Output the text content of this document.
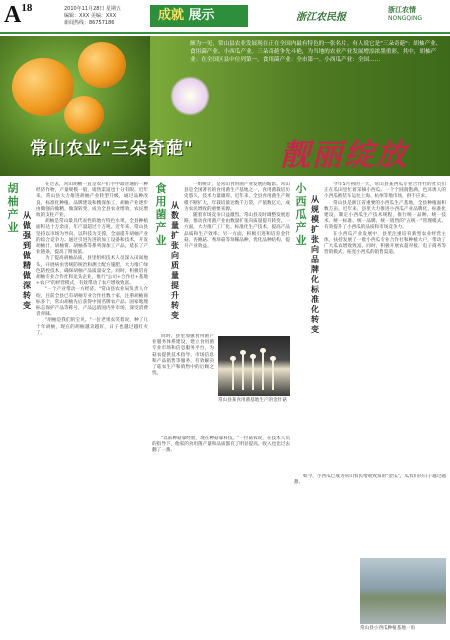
$A^{18}$	2010年11月28日 星期五
编辑：XXX 美编：XXX
新闻热线：86757186	成就 展示	浙江农民报
浙江农情
NONGQING
颇为一见，常山县农业发展现在正在全国内最有特色的一张名片。有人说它是"三朵奇葩"：胡柚产业、食用菌产业、小西瓜产业。三朵奇葩争先斗艳，为当地的农业产业发展增添浓墨重彩。其中，胡柚产业：在全国区县中位列第一。食用菌产业：全市第一。小西瓜产业：全国……
常山农业"三朵奇葩"	靓丽绽放
胡柚产业
从做强到做精做深转变

在过去，常山胡柚一直是农户们手中最普通的一种经济作物，产量规模一般，销售渠道也十分有限。近年来，常山县大力推进胡柚产业转型升级，通过品种改良、标准化种植、品牌建设和精深加工，胡柚产业逐步由做强向做精、做深转变，成为全县农业增效、农民增收的支柱产业。

胡柚是常山最具代表性的地方特色水果，全县种植面积达十万余亩，年产量超过十万吨。近年来，常山县坚持以市场为导向，以科技为支撑，全面提升胡柚产业的综合竞争力。通过引进先进的加工设备和技术，开发胡柚汁、胡柚膏、胡柚茶等系列深加工产品，延长了产业链条，提高了附加值。

为了提高胡柚品质，县里组织技术人员深入田间地头，开展病虫害统防统治和测土配方施肥，大力推广绿色防控技术，确保胡柚产品质量安全。同时，积极培育胡柚专业合作社和龙头企业，推行"公司+合作社+基地+农户"的经营模式，有效带动了农户增收致富。

"一个产业带动一方经济。"常山县农业局负责人介绍，目前全县已有胡柚专业合作社数十家，注册胡柚商标多个，常山胡柚先后获得中国名牌农产品、国家地理标志保护产品等称号，产品远销国内外市场，深受消费者青睐。

"胡柚是我们的宝贝。"一位老果农笑着说，种了几十年胡柚，现在的胡柚越卖越好，日子也越过越红火了。

食用菌产业
从数量扩张向质量提升转变

一组统计，是常山食用菌产业发展的缩影。常山县是全国著名的食用菌生产基地之一，食用菌栽培历史悠久，技术力量雄厚。近年来，全县食用菌生产规模不断扩大，年栽培量达数千万袋，产值数亿元，成为农民增收的重要来源。

随着市场竞争日益激烈，常山县及时调整发展思路，推动食用菌产业由数量扩张向质量提升转变。一方面，大力推广工厂化、标准化生产技术，提高产品品质和生产效率；另一方面，积极引进和培育金针菇、杏鲍菇、秀珍菇等珍稀品种，优化品种结构，提升产业效益。

同时，县里加强食用菌产业服务体系建设，建立食用菌专业市场和信息服务平台，为菇农提供技术指导、市场信息和产品销售等服务，有效解决了菇农生产和销售中的后顾之忧。

常山县某食用菌基地生产的金针菇

"以前种菇靠经验，现在种菇靠科技。"一位菇农说，在技术人员的指导下，他家的食用菌产量和品质都有了明显提高，收入也比过去翻了一番。

小西瓜产业
从规模扩张向品牌化标准化转变

今年5月初的一天，常山县某西瓜专业合作社的社员们正在瓜田里忙着采摘小西瓜。一个个圆润饱满、色泽诱人的小西瓜被装车运往上海、杭州等地市场，供不应求。

常山县是浙江省重要的小西瓜生产基地，全县种植面积数万亩。近年来，县里大力推进小西瓜产业品牌化、标准化建设，制定小西瓜生产技术规程，推行统一品种、统一技术、统一标准、统一品牌、统一销售的"五统一"管理模式，有效提升了小西瓜的品质和市场竞争力。

在小西瓜产业发展中，县里注重培育新型农业经营主体，扶持发展了一批小西瓜专业合作社和种植大户，带动了广大瓜农增收致富。同时，积极开展农超对接、电子商务等营销模式，拓宽小西瓜的销售渠道。

如今，小西瓜已成为常山农民增收致富的"金瓜"，瓜农们的日子越过越甜。

常山县小西瓜种植基地一角
